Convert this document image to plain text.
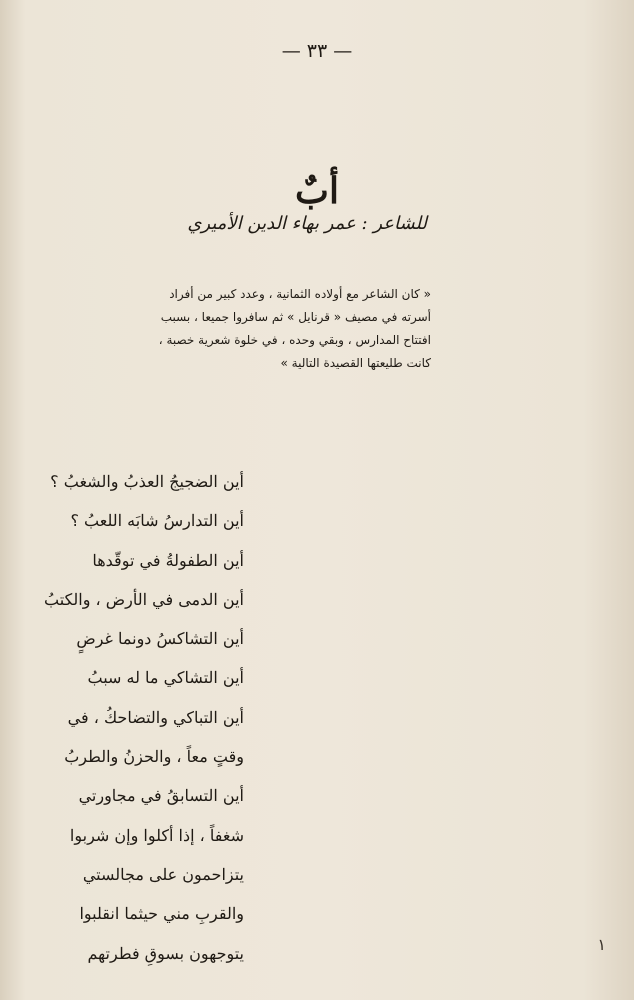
— ٣٣ —
أبٌ
للشاعر : عمر بهاء الدين الأميري
« كان الشاعر مع أولاده الثمانية ، وعدد كبير من أفراد
أسرته في مصيف « قرنايل » ثم سافروا جميعا ، بسبب
افتتاح المدارس ، وبقي وحده ، في خلوة شعرية خصبة ،
كانت طليعتها القصيدة التالية »
أين الضجيجُ العذبُ والشغبُ ؟
أين التدارسُ شابَه اللعبُ ؟
أين الطفولةُ في توقّدها
أين الدمى في الأرض ، والكتبُ
أين التشاكسُ دونما غرضٍ
أين التشاكي ما له سببُ
أين التباكي والتضاحكُ ، في
وقتٍ معاً ، والحزنُ والطربُ
أين التسابقُ في مجاورتي
شغفاً ، إذا أكلوا وإن شربوا
يتزاحمون على مجالستي
والقربِ مني حيثما انقلبوا
يتوجهون بسوقِ فطرتهم	١
